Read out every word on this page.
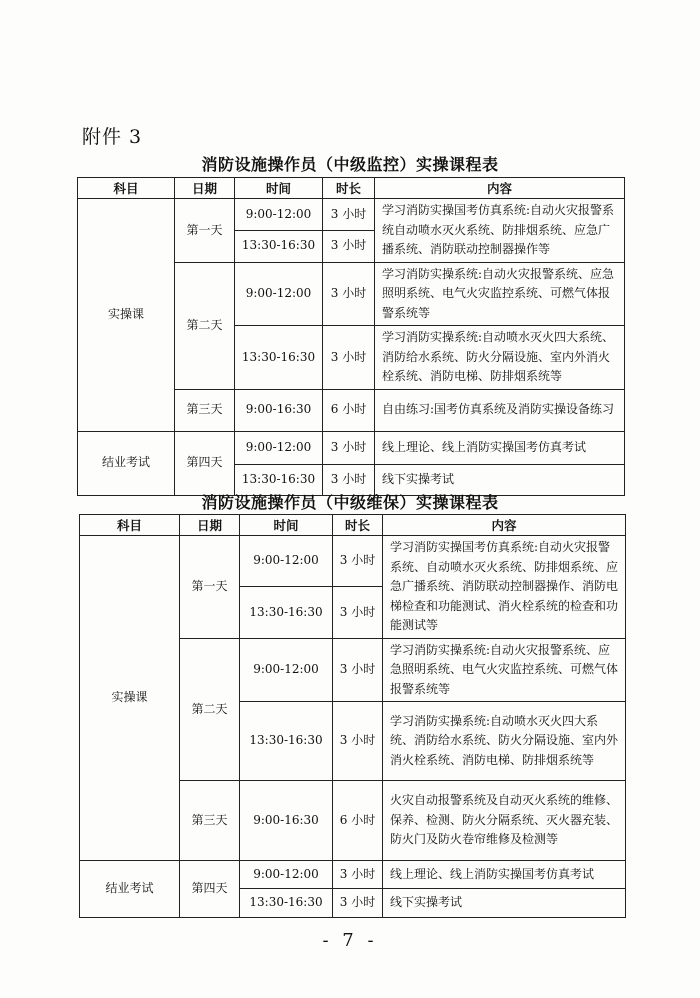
附件 3
消防设施操作员（中级监控）实操课程表
科目	日期	时间	时长	内容
实操课	第一天	9:00-12:00	3 小时	学习消防实操国考仿真系统:自动火灾报警系统自动喷水灭火系统、防排烟系统、应急广播系统、消防联动控制器操作等
		13:30-16:30	3 小时	
	第二天	9:00-12:00	3 小时	学习消防实操系统:自动火灾报警系统、应急照明系统、电气火灾监控系统、可燃气体报警系统等
		13:30-16:30	3 小时	学习消防实操系统:自动喷水灭火四大系统、消防给水系统、防火分隔设施、室内外消火栓系统、消防电梯、防排烟系统等
	第三天	9:00-16:30	6 小时	自由练习:国考仿真系统及消防实操设备练习
结业考试	第四天	9:00-12:00	3 小时	线上理论、线上消防实操国考仿真考试
		13:30-16:30	3 小时	线下实操考试
消防设施操作员（中级维保）实操课程表
科目	日期	时间	时长	内容
实操课	第一天	9:00-12:00	3 小时	学习消防实操国考仿真系统:自动火灾报警系统、自动喷水灭火系统、防排烟系统、应急广播系统、消防联动控制器操作、消防电梯检查和功能测试、消火栓系统的检查和功能测试等
		13:30-16:30	3 小时	
	第二天	9:00-12:00	3 小时	学习消防实操系统:自动火灾报警系统、应急照明系统、电气火灾监控系统、可燃气体报警系统等
		13:30-16:30	3 小时	学习消防实操系统:自动喷水灭火四大系统、消防给水系统、防火分隔设施、室内外消火栓系统、消防电梯、防排烟系统等
	第三天	9:00-16:30	6 小时	火灾自动报警系统及自动灭火系统的维修、保养、检测、防火分隔系统、灭火器充装、防火门及防火卷帘维修及检测等
结业考试	第四天	9:00-12:00	3 小时	线上理论、线上消防实操国考仿真考试
		13:30-16:30	3 小时	线下实操考试
- 7 -
